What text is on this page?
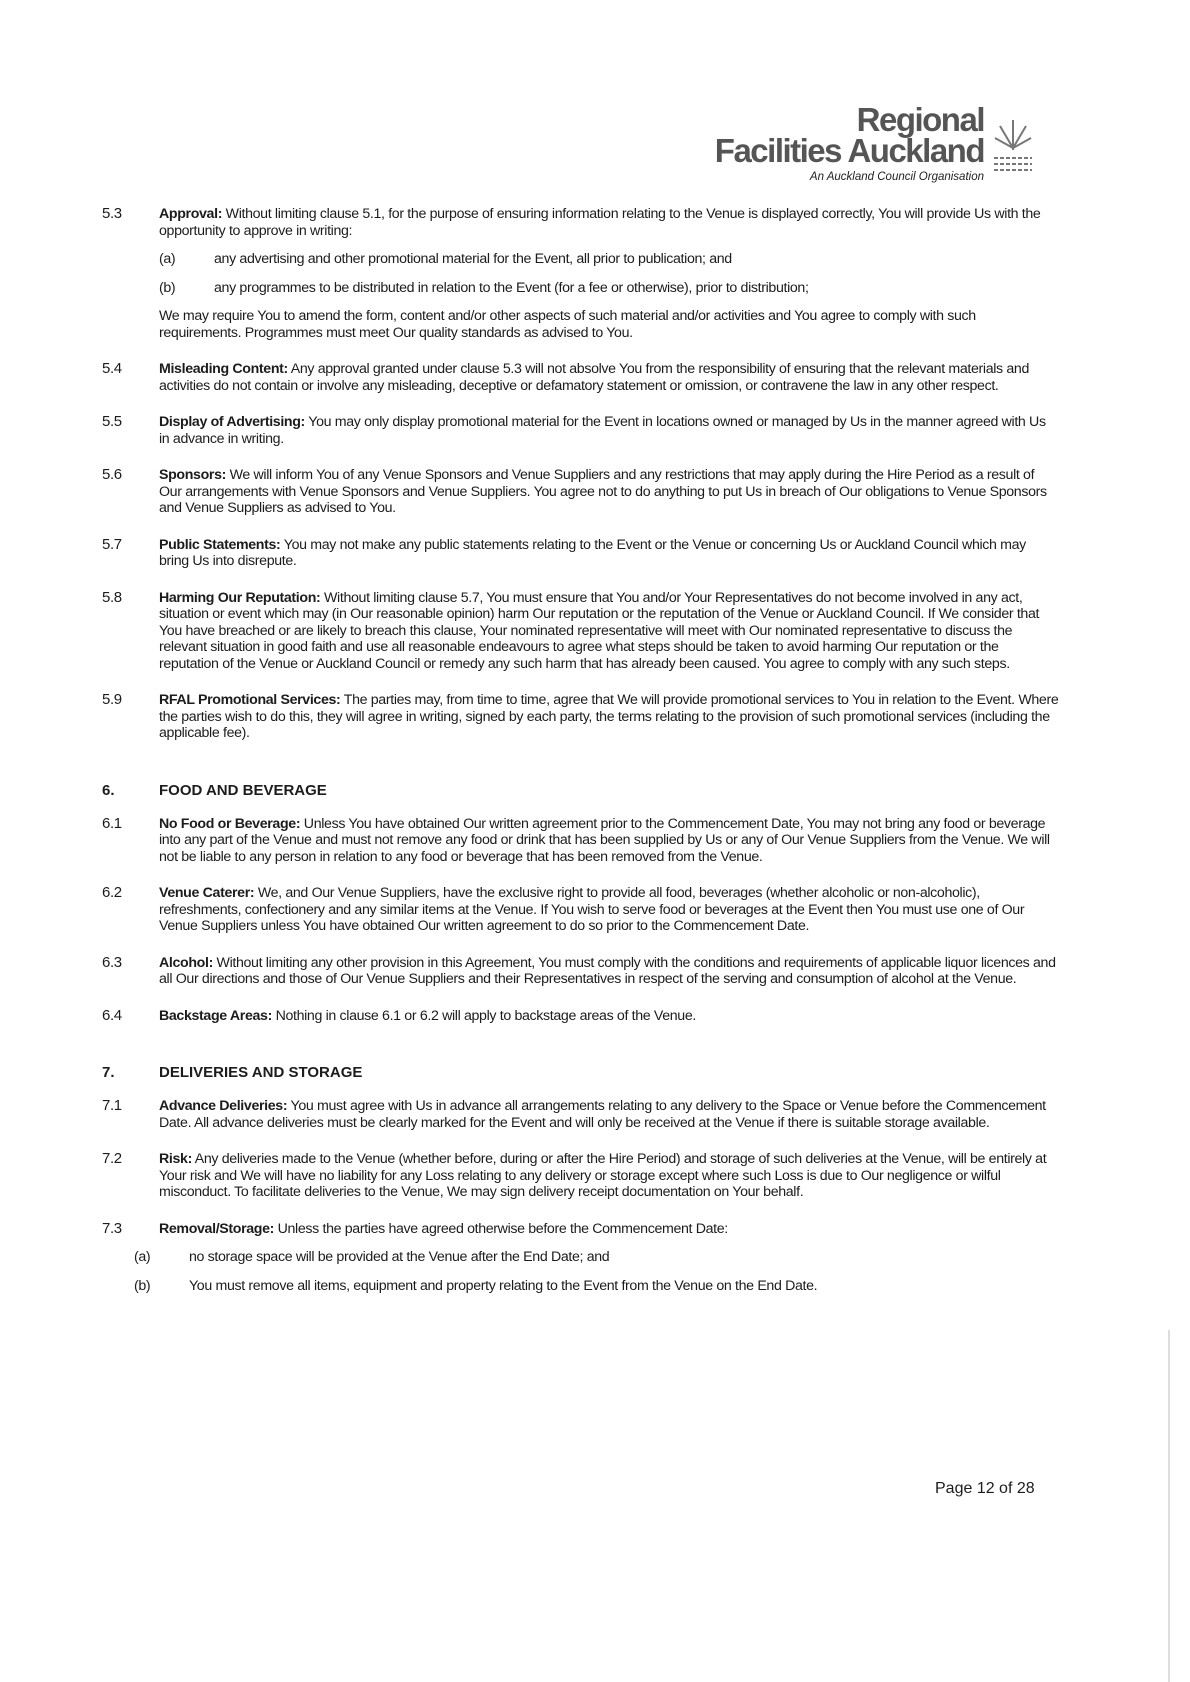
Regional
Facilities Auckland
An Auckland Council Organisation
5.3	Approval: Without limiting clause 5.1, for the purpose of ensuring information relating to the Venue is displayed correctly, You will provide Us with the opportunity to approve in writing:
(a)	any advertising and other promotional material for the Event, all prior to publication; and
(b)	any programmes to be distributed in relation to the Event (for a fee or otherwise), prior to distribution;
We may require You to amend the form, content and/or other aspects of such material and/or activities and You agree to comply with such requirements. Programmes must meet Our quality standards as advised to You.
5.4	Misleading Content: Any approval granted under clause 5.3 will not absolve You from the responsibility of ensuring that the relevant materials and activities do not contain or involve any misleading, deceptive or defamatory statement or omission, or contravene the law in any other respect.
5.5	Display of Advertising: You may only display promotional material for the Event in locations owned or managed by Us in the manner agreed with Us in advance in writing.
5.6	Sponsors: We will inform You of any Venue Sponsors and Venue Suppliers and any restrictions that may apply during the Hire Period as a result of Our arrangements with Venue Sponsors and Venue Suppliers. You agree not to do anything to put Us in breach of Our obligations to Venue Sponsors and Venue Suppliers as advised to You.
5.7	Public Statements: You may not make any public statements relating to the Event or the Venue or concerning Us or Auckland Council which may bring Us into disrepute.
5.8	Harming Our Reputation: Without limiting clause 5.7, You must ensure that You and/or Your Representatives do not become involved in any act, situation or event which may (in Our reasonable opinion) harm Our reputation or the reputation of the Venue or Auckland Council. If We consider that You have breached or are likely to breach this clause, Your nominated representative will meet with Our nominated representative to discuss the relevant situation in good faith and use all reasonable endeavours to agree what steps should be taken to avoid harming Our reputation or the reputation of the Venue or Auckland Council or remedy any such harm that has already been caused. You agree to comply with any such steps.
5.9	RFAL Promotional Services: The parties may, from time to time, agree that We will provide promotional services to You in relation to the Event. Where the parties wish to do this, they will agree in writing, signed by each party, the terms relating to the provision of such promotional services (including the applicable fee).
6.	FOOD AND BEVERAGE
6.1	No Food or Beverage: Unless You have obtained Our written agreement prior to the Commencement Date, You may not bring any food or beverage into any part of the Venue and must not remove any food or drink that has been supplied by Us or any of Our Venue Suppliers from the Venue. We will not be liable to any person in relation to any food or beverage that has been removed from the Venue.
6.2	Venue Caterer: We, and Our Venue Suppliers, have the exclusive right to provide all food, beverages (whether alcoholic or non-alcoholic), refreshments, confectionery and any similar items at the Venue. If You wish to serve food or beverages at the Event then You must use one of Our Venue Suppliers unless You have obtained Our written agreement to do so prior to the Commencement Date.
6.3	Alcohol: Without limiting any other provision in this Agreement, You must comply with the conditions and requirements of applicable liquor licences and all Our directions and those of Our Venue Suppliers and their Representatives in respect of the serving and consumption of alcohol at the Venue.
6.4	Backstage Areas: Nothing in clause 6.1 or 6.2 will apply to backstage areas of the Venue.
7.	DELIVERIES AND STORAGE
7.1	Advance Deliveries: You must agree with Us in advance all arrangements relating to any delivery to the Space or Venue before the Commencement Date. All advance deliveries must be clearly marked for the Event and will only be received at the Venue if there is suitable storage available.
7.2	Risk: Any deliveries made to the Venue (whether before, during or after the Hire Period) and storage of such deliveries at the Venue, will be entirely at Your risk and We will have no liability for any Loss relating to any delivery or storage except where such Loss is due to Our negligence or wilful misconduct. To facilitate deliveries to the Venue, We may sign delivery receipt documentation on Your behalf.
7.3	Removal/Storage: Unless the parties have agreed otherwise before the Commencement Date:
(a)	no storage space will be provided at the Venue after the End Date; and
(b)	You must remove all items, equipment and property relating to the Event from the Venue on the End Date.
Page 12 of 28
